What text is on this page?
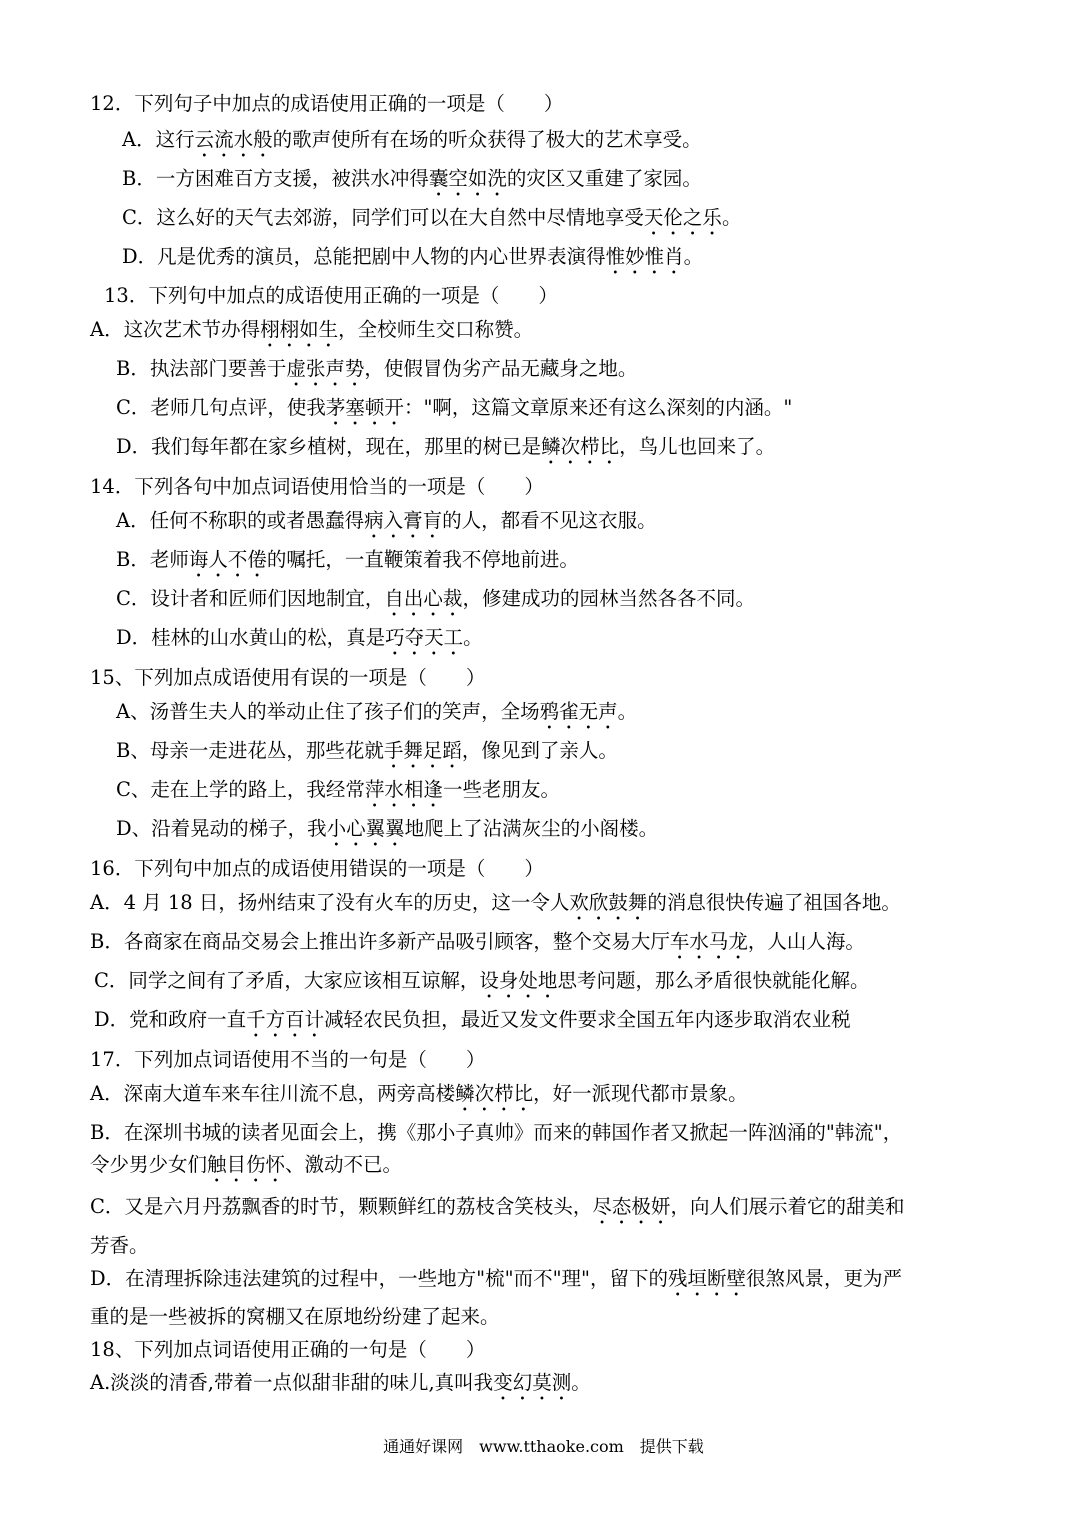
12．下列句子中加点的成语使用正确的一项是（　　）
A．这行云流水般的歌声使所有在场的听众获得了极大的艺术享受。
B．一方困难百方支援，被洪水冲得囊空如洗的灾区又重建了家园。
C．这么好的天气去郊游，同学们可以在大自然中尽情地享受天伦之乐。
D．凡是优秀的演员，总能把剧中人物的内心世界表演得惟妙惟肖。
13．下列句中加点的成语使用正确的一项是（　　）
A．这次艺术节办得栩栩如生，全校师生交口称赞。
B．执法部门要善于虚张声势，使假冒伪劣产品无藏身之地。
C．老师几句点评，使我茅塞顿开："啊，这篇文章原来还有这么深刻的内涵。"
D．我们每年都在家乡植树，现在，那里的树已是鳞次栉比，鸟儿也回来了。
14．下列各句中加点词语使用恰当的一项是（　　）
A．任何不称职的或者愚蠢得病入膏肓的人，都看不见这衣服。
B．老师诲人不倦的嘱托，一直鞭策着我不停地前进。
C．设计者和匠师们因地制宜，自出心裁，修建成功的园林当然各各不同。
D．桂林的山水黄山的松，真是巧夺天工。
15、下列加点成语使用有误的一项是（　　）
A、汤普生夫人的举动止住了孩子们的笑声，全场鸦雀无声。
B、母亲一走进花丛，那些花就手舞足蹈，像见到了亲人。
C、走在上学的路上，我经常萍水相逢一些老朋友。
D、沿着晃动的梯子，我小心翼翼地爬上了沾满灰尘的小阁楼。
16．下列句中加点的成语使用错误的一项是（　　）
A．4 月 18 日，扬州结束了没有火车的历史，这一令人欢欣鼓舞的消息很快传遍了祖国各地。
B．各商家在商品交易会上推出许多新产品吸引顾客，整个交易大厅车水马龙，人山人海。
C．同学之间有了矛盾，大家应该相互谅解，设身处地思考问题，那么矛盾很快就能化解。
D．党和政府一直千方百计减轻农民负担，最近又发文件要求全国五年内逐步取消农业税
17．下列加点词语使用不当的一句是（　　）
A．深南大道车来车往川流不息，两旁高楼鳞次栉比，好一派现代都市景象。
B．在深圳书城的读者见面会上，携《那小子真帅》而来的韩国作者又掀起一阵汹涌的"韩流"，
令少男少女们触目伤怀、激动不已。
C．又是六月丹荔飘香的时节，颗颗鲜红的荔枝含笑枝头，尽态极妍，向人们展示着它的甜美和
芳香。
D．在清理拆除违法建筑的过程中，一些地方"梳"而不"理"，留下的残垣断壁很煞风景，更为严
重的是一些被拆的窝棚又在原地纷纷建了起来。
18、下列加点词语使用正确的一句是（　　）
A.淡淡的清香,带着一点似甜非甜的味儿,真叫我变幻莫测。
通通好课网　www.tthaoke.com　提供下载
